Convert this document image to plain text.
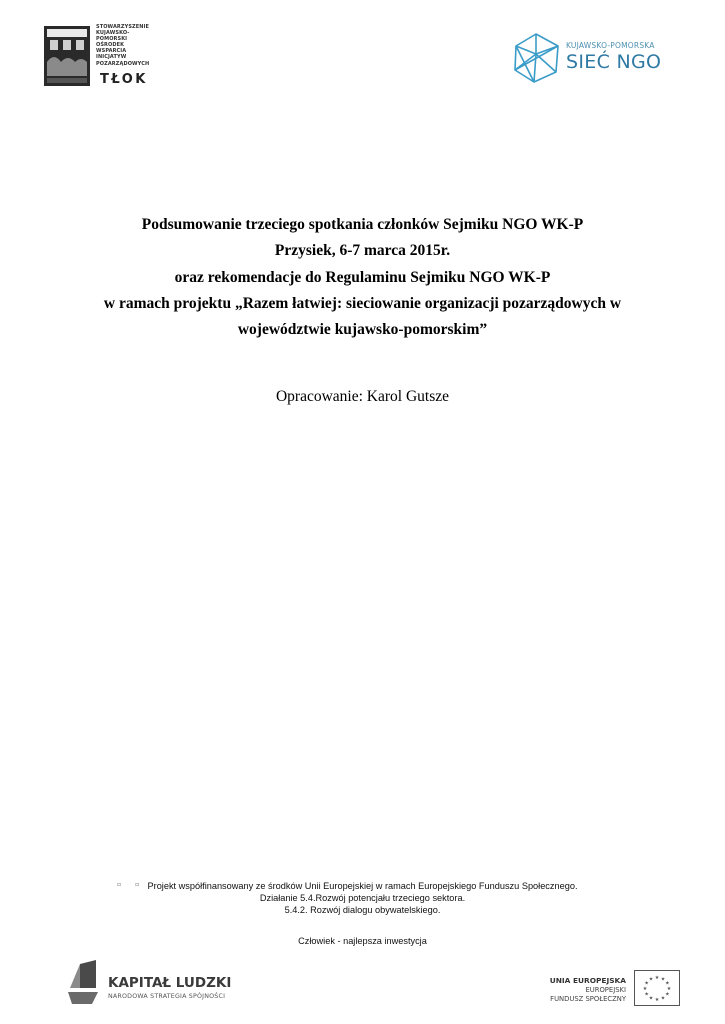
STOWARZYSZENIE
KUJAWSKO-
POMORSKI
OŚRODEK
WSPARCIA
INICJATYW
POZARZĄDOWYCH
TŁOK
KUJAWSKO-POMORSKA
SIEĆ NGO
Podsumowanie trzeciego spotkania członków Sejmiku NGO WK-P
Przysiek, 6-7 marca 2015r.
oraz rekomendacje do Regulaminu Sejmiku NGO WK-P
w ramach projektu „Razem łatwiej: sieciowanie organizacji pozarządowych w
województwie kujawsko-pomorskim”
Opracowanie: Karol Gutsze
▫▫
Projekt współfinansowany ze środków Unii Europejskiej w ramach Europejskiego Funduszu Społecznego.
Działanie 5.4.Rozwój potencjału trzeciego sektora.
5.4.2. Rozwój dialogu obywatelskiego.
Człowiek - najlepsza inwestycja
KAPITAŁ LUDZKI
NARODOWA STRATEGIA SPÓJNOŚCI
UNIA EUROPEJSKA
EUROPEJSKI
FUNDUSZ SPOŁECZNY
★ ★
★
★
★
★
★
★
★
★
★
★
